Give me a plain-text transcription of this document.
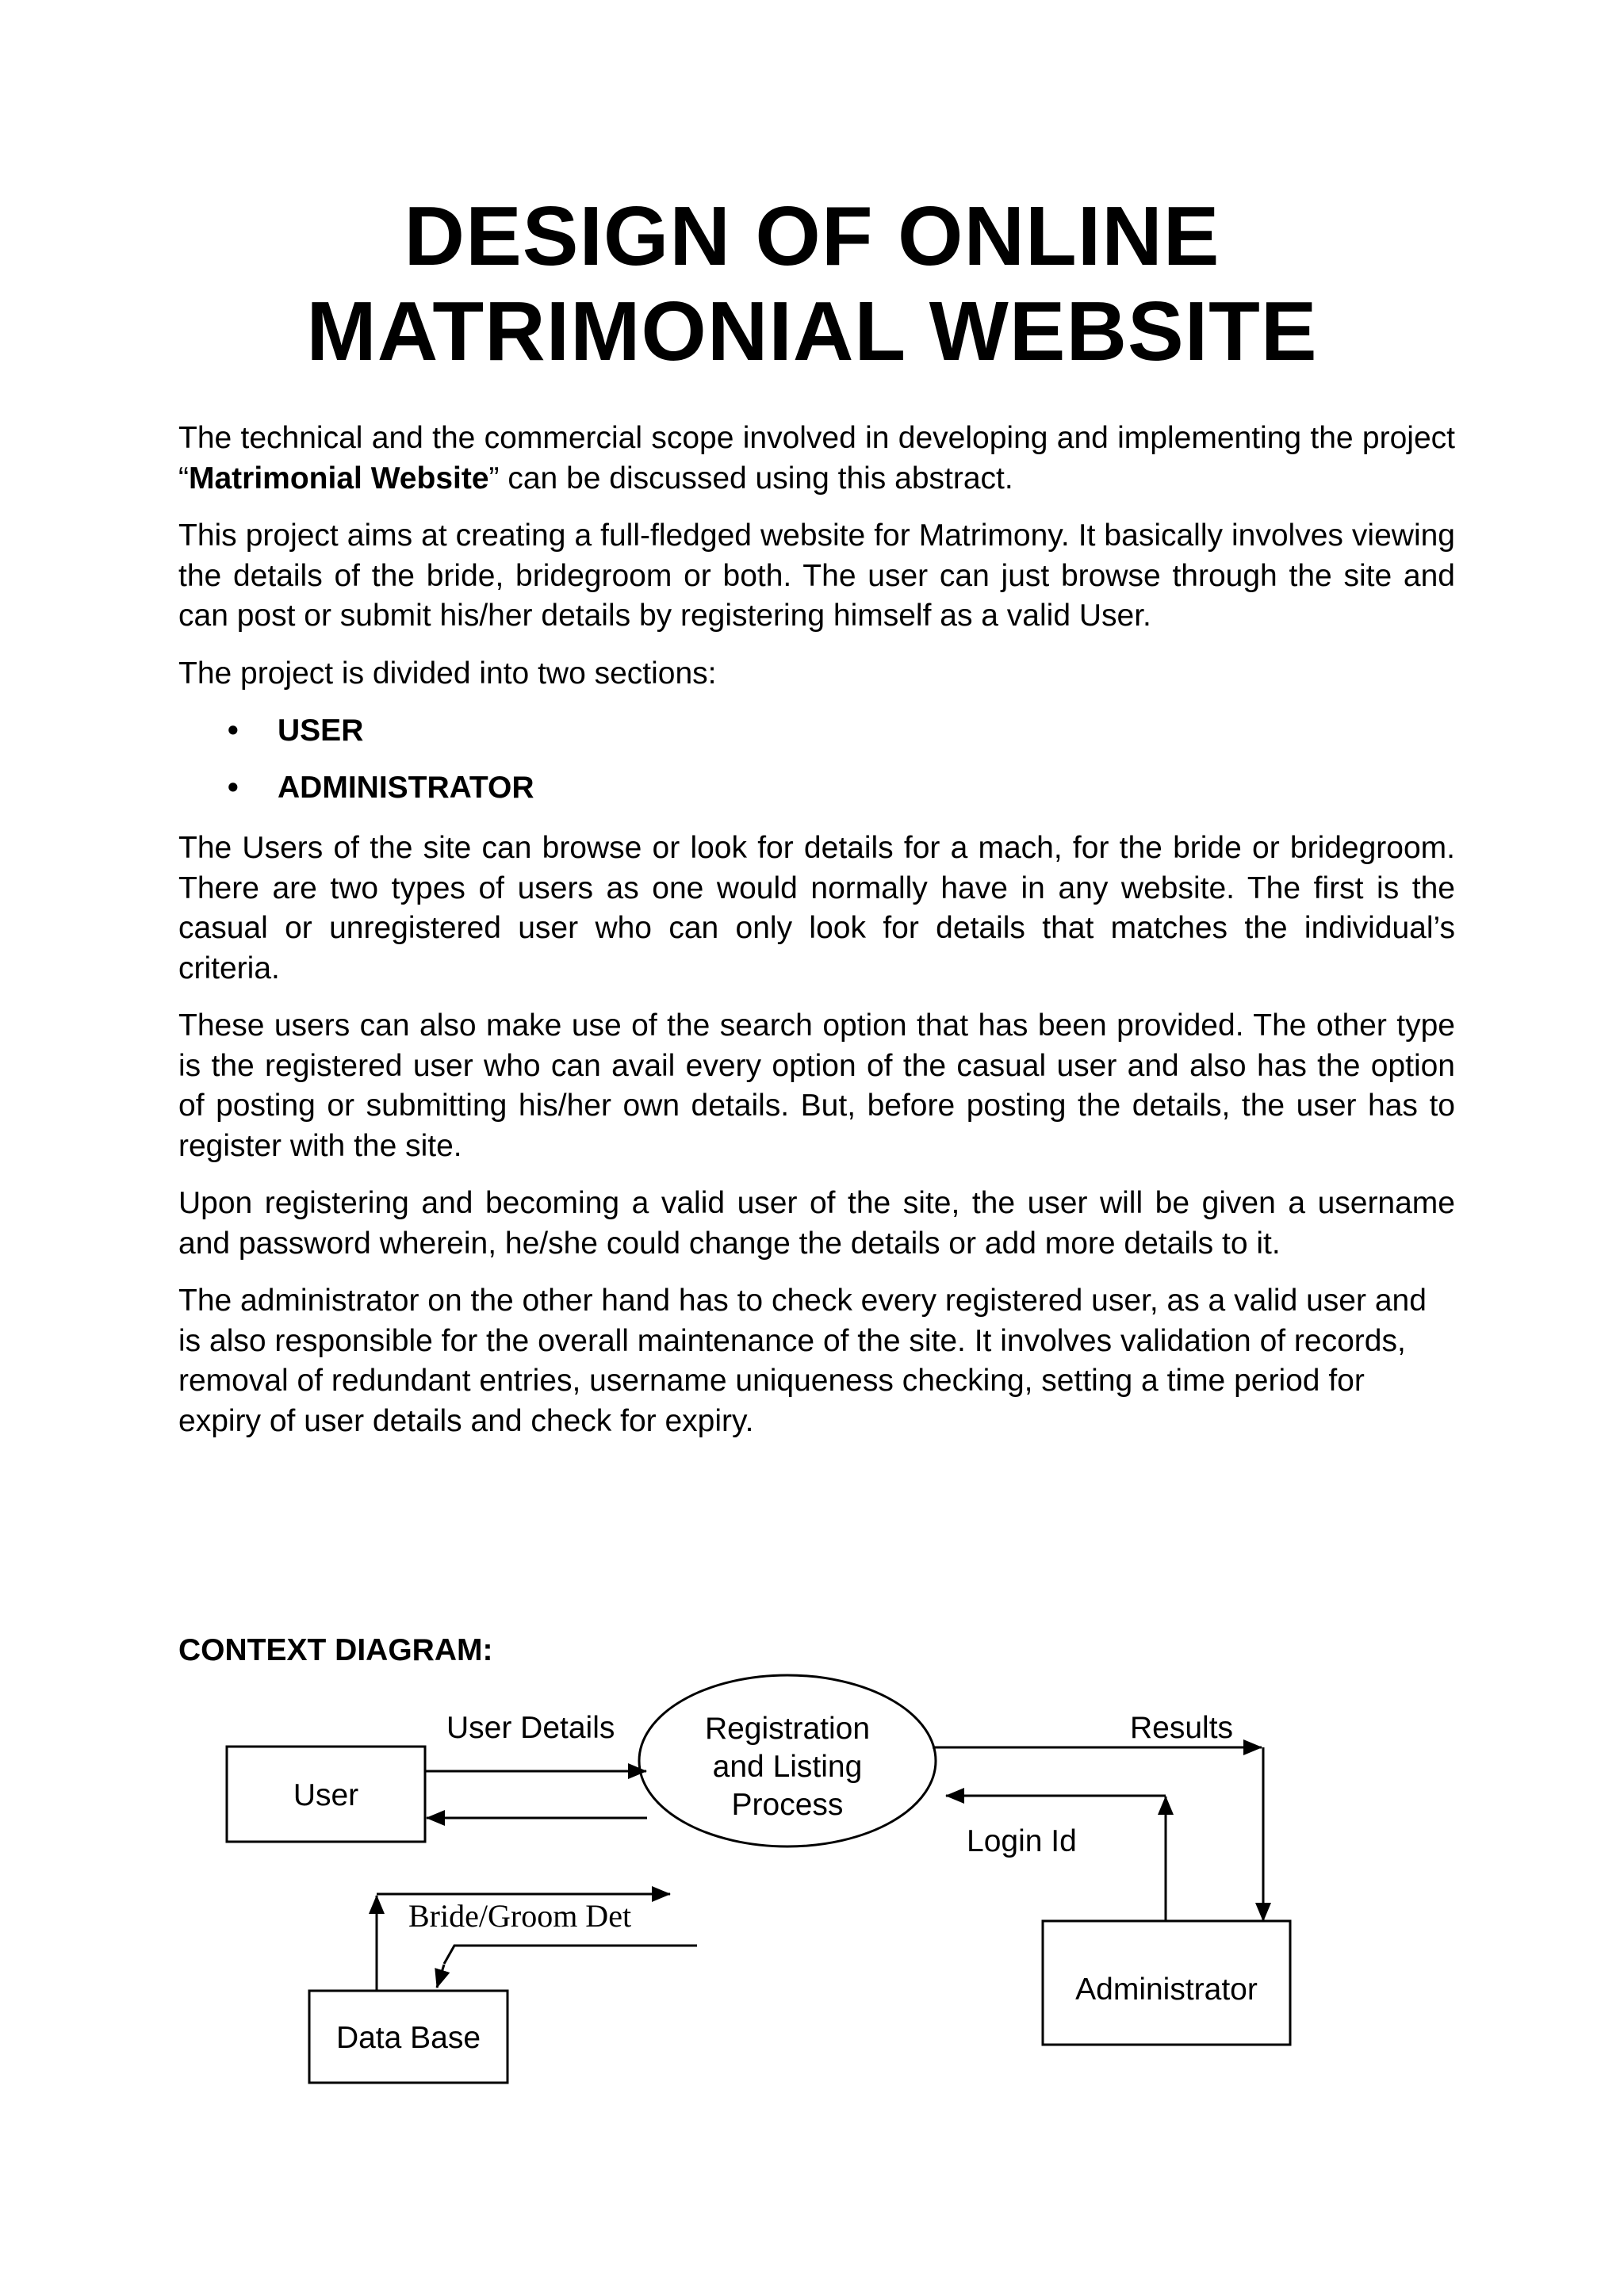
DESIGN OF ONLINE
MATRIMONIAL WEBSITE

The technical and the commercial scope involved in developing and implementing the project “Matrimonial Website” can be discussed using this abstract.

This project aims at creating a full-fledged website for Matrimony. It basically involves viewing the details of the bride, bridegroom or both. The user can just browse through the site and can post or submit his/her details by registering himself as a valid User.

The project is divided into two sections:

• USER
• ADMINISTRATOR

The Users of the site can browse or look for details for a mach, for the bride or bridegroom. There are two types of users as one would normally have in any website. The first is the casual or unregistered user who can only look for details that matches the individual’s criteria.

These users can also make use of the search option that has been provided. The other type is the registered user who can avail every option of the casual user and also has the option of posting or submitting his/her own details. But, before posting the details, the user has to register with the site.

Upon registering and becoming a valid user of the site, the user will be given a username and password wherein, he/she could change the details or add more details to it.

The administrator on the other hand has to check every registered user, as a valid user and is also responsible for the overall maintenance of the site. It involves validation of records, removal of redundant entries, username uniqueness checking, setting a time period for expiry of user details and check for expiry.

CONTEXT DIAGRAM:
User
Registration
and Listing
Process
User Details	Results
Login Id
Administrator
Bride/Groom Det
Data Base
